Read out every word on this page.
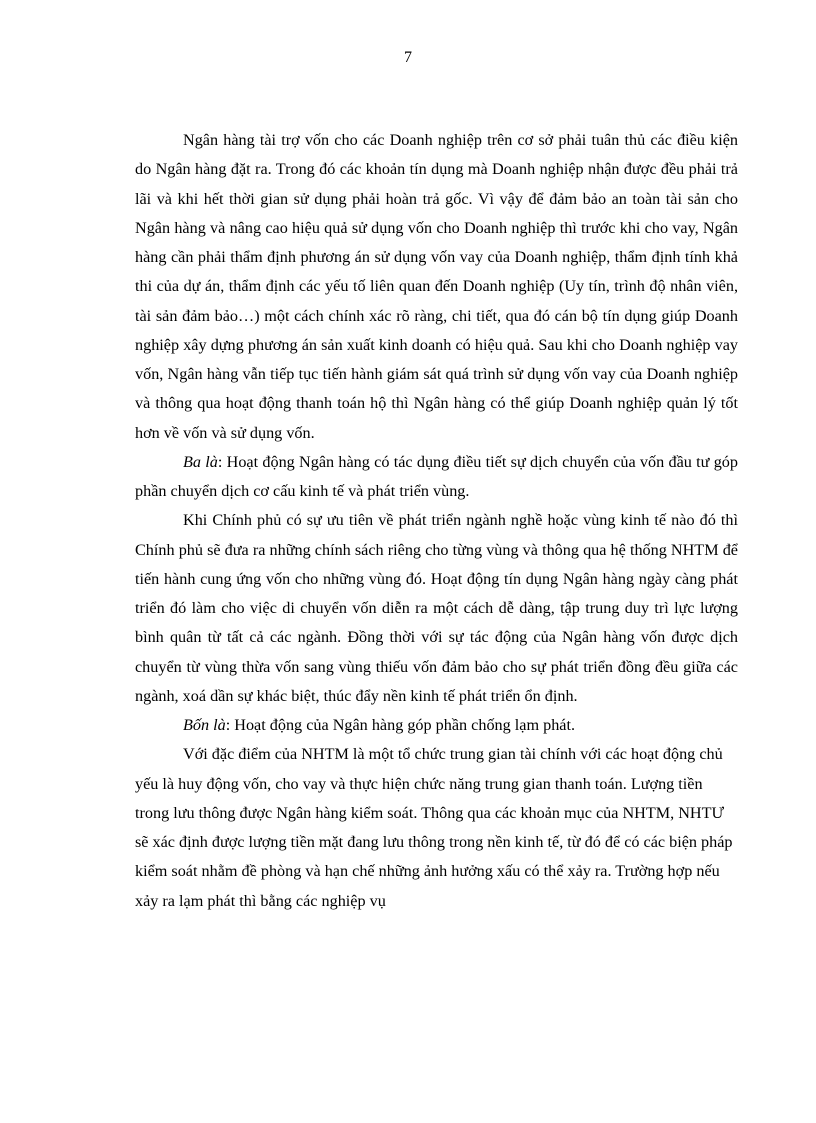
7

Ngân hàng tài trợ vốn cho các Doanh nghiệp trên cơ sở phải tuân thủ các điều kiện do Ngân hàng đặt ra. Trong đó các khoản tín dụng mà Doanh nghiệp nhận được đều phải trả lãi và khi hết thời gian sử dụng phải hoàn trả gốc. Vì vậy để đảm bảo an toàn tài sản cho Ngân hàng và nâng cao hiệu quả sử dụng vốn cho Doanh nghiệp thì trước khi cho vay, Ngân hàng cần phải thẩm định phương án sử dụng vốn vay của Doanh nghiệp, thẩm định tính khả thi của dự án, thẩm định các yếu tố liên quan đến Doanh nghiệp (Uy tín, trình độ nhân viên, tài sản đảm bảo…) một cách chính xác rõ ràng, chi tiết, qua đó cán bộ tín dụng giúp Doanh nghiệp xây dựng phương án sản xuất kinh doanh có hiệu quả. Sau khi cho Doanh nghiệp vay vốn, Ngân hàng vẫn tiếp tục tiến hành giám sát quá trình sử dụng vốn vay của Doanh nghiệp và thông qua hoạt động thanh toán hộ thì Ngân hàng có thể giúp Doanh nghiệp quản lý tốt hơn về vốn và sử dụng vốn.

Ba là: Hoạt động Ngân hàng có tác dụng điều tiết sự dịch chuyển của vốn đầu tư góp phần chuyển dịch cơ cấu kinh tế và phát triển vùng.

Khi Chính phủ có sự ưu tiên về phát triển ngành nghề hoặc vùng kinh tế nào đó thì Chính phủ sẽ đưa ra những chính sách riêng cho từng vùng và thông qua hệ thống NHTM để tiến hành cung ứng vốn cho những vùng đó. Hoạt động tín dụng Ngân hàng ngày càng phát triển đó làm cho việc di chuyển vốn diễn ra một cách dễ dàng, tập trung duy trì lực lượng bình quân từ tất cả các ngành. Đồng thời với sự tác động của Ngân hàng vốn được dịch chuyển từ vùng thừa vốn sang vùng thiếu vốn đảm bảo cho sự phát triển đồng đều giữa các ngành, xoá dần sự khác biệt, thúc đẩy nền kinh tế phát triển ổn định.

Bốn là: Hoạt động của Ngân hàng góp phần chống lạm phát.

Với đặc điểm của NHTM là một tổ chức trung gian tài chính với các hoạt động chủ yếu là huy động vốn, cho vay và thực hiện chức năng trung gian thanh toán. Lượng tiền trong lưu thông được Ngân hàng kiểm soát. Thông qua các khoản mục của NHTM, NHTƯ sẽ xác định được lượng tiền mặt đang lưu thông trong nền kinh tế, từ đó để có các biện pháp kiểm soát nhằm đề phòng và hạn chế những ảnh hưởng xấu có thể xảy ra. Trường hợp nếu xảy ra lạm phát thì bằng các nghiệp vụ
